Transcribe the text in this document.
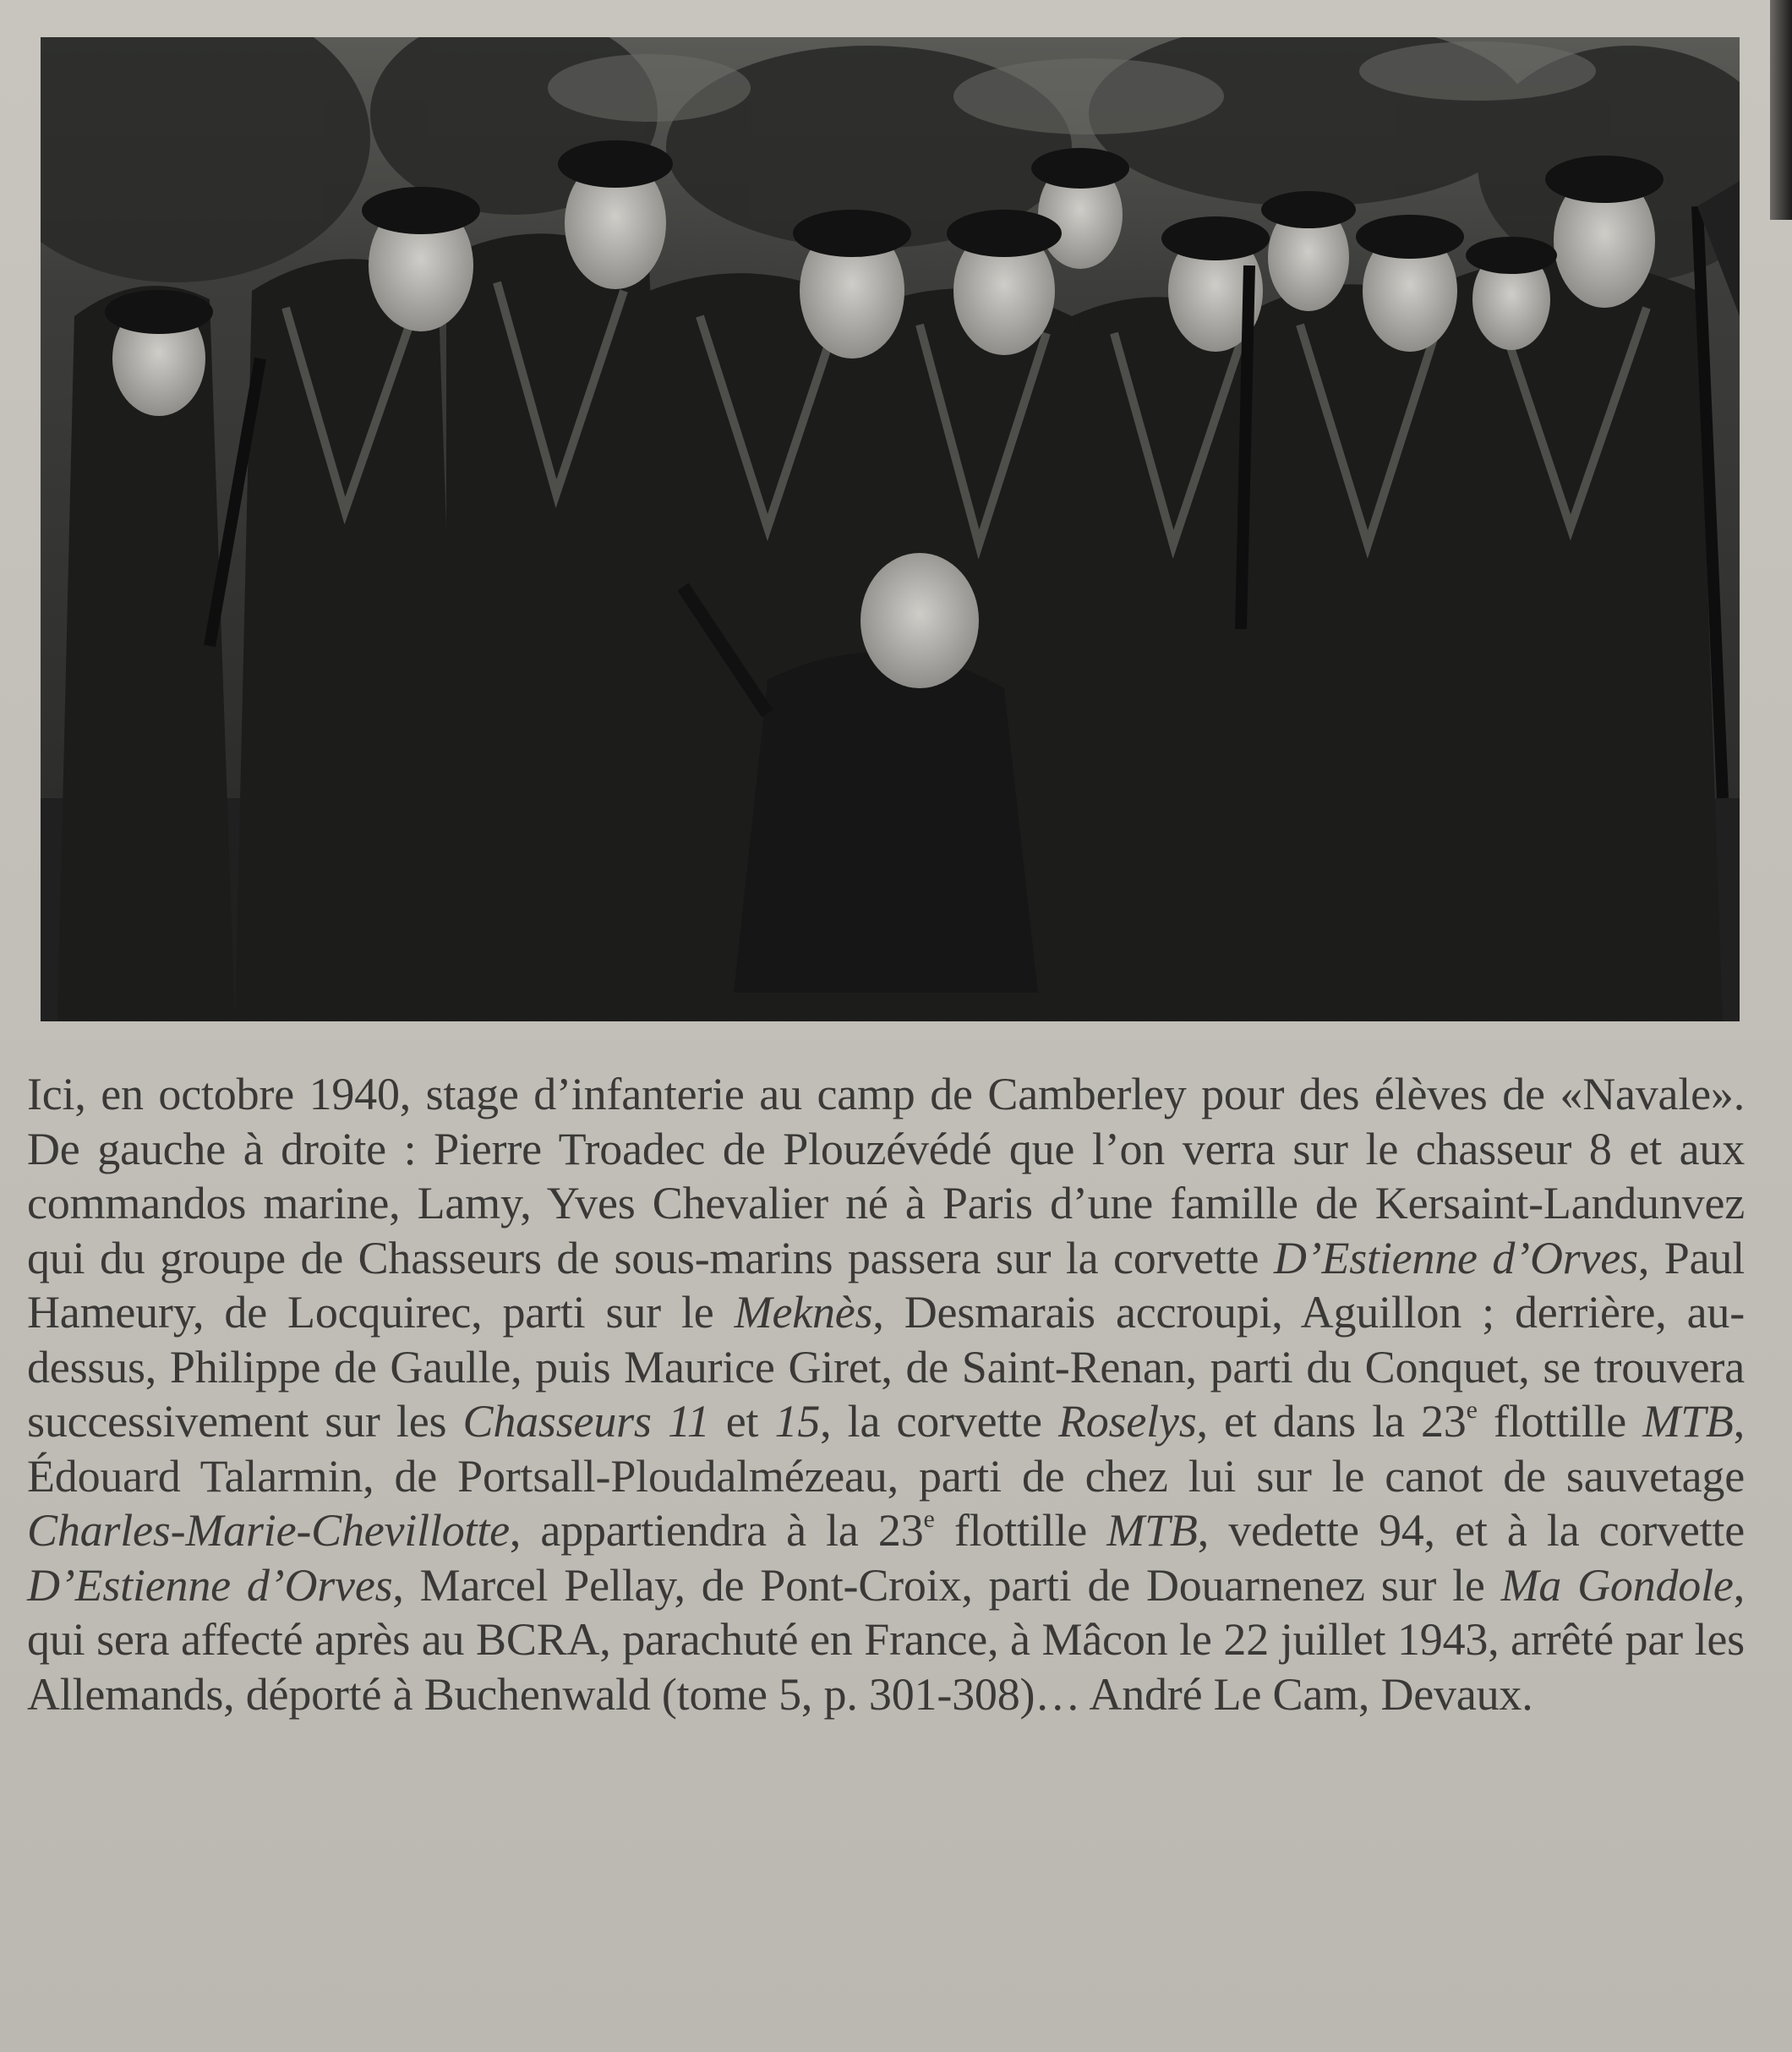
Ici, en octobre 1940, stage d’infanterie au camp de Camberley pour des élèves de «Navale». De gauche à droite : Pierre Troadec de Plouzévédé que l’on verra sur le chasseur 8 et aux commandos marine, Lamy, Yves Chevalier né à Paris d’une famille de Kersaint-Landunvez qui du groupe de Chasseurs de sous-marins passera sur la corvette D’Estienne d’Orves, Paul Hameury, de Locquirec, parti sur le Meknès, Desmarais accroupi, Aguillon ; derrière, au-dessus, Philippe de Gaulle, puis Maurice Giret, de Saint-Renan, parti du Conquet, se trouvera successivement sur les Chasseurs 11 et 15, la corvette Roselys, et dans la 23e flottille MTB, Édouard Talarmin, de Portsall-Ploudalmézeau, parti de chez lui sur le canot de sauvetage Charles-Marie-Chevillotte, appartiendra à la 23e flottille MTB, vedette 94, et à la corvette D’Estienne d’Orves, Marcel Pellay, de Pont-Croix, parti de Douarnenez sur le Ma Gondole, qui sera affecté après au BCRA, parachuté en France, à Mâcon le 22 juillet 1943, arrêté par les Allemands, déporté à Buchenwald (tome 5, p. 301-308)… André Le Cam, Devaux.
